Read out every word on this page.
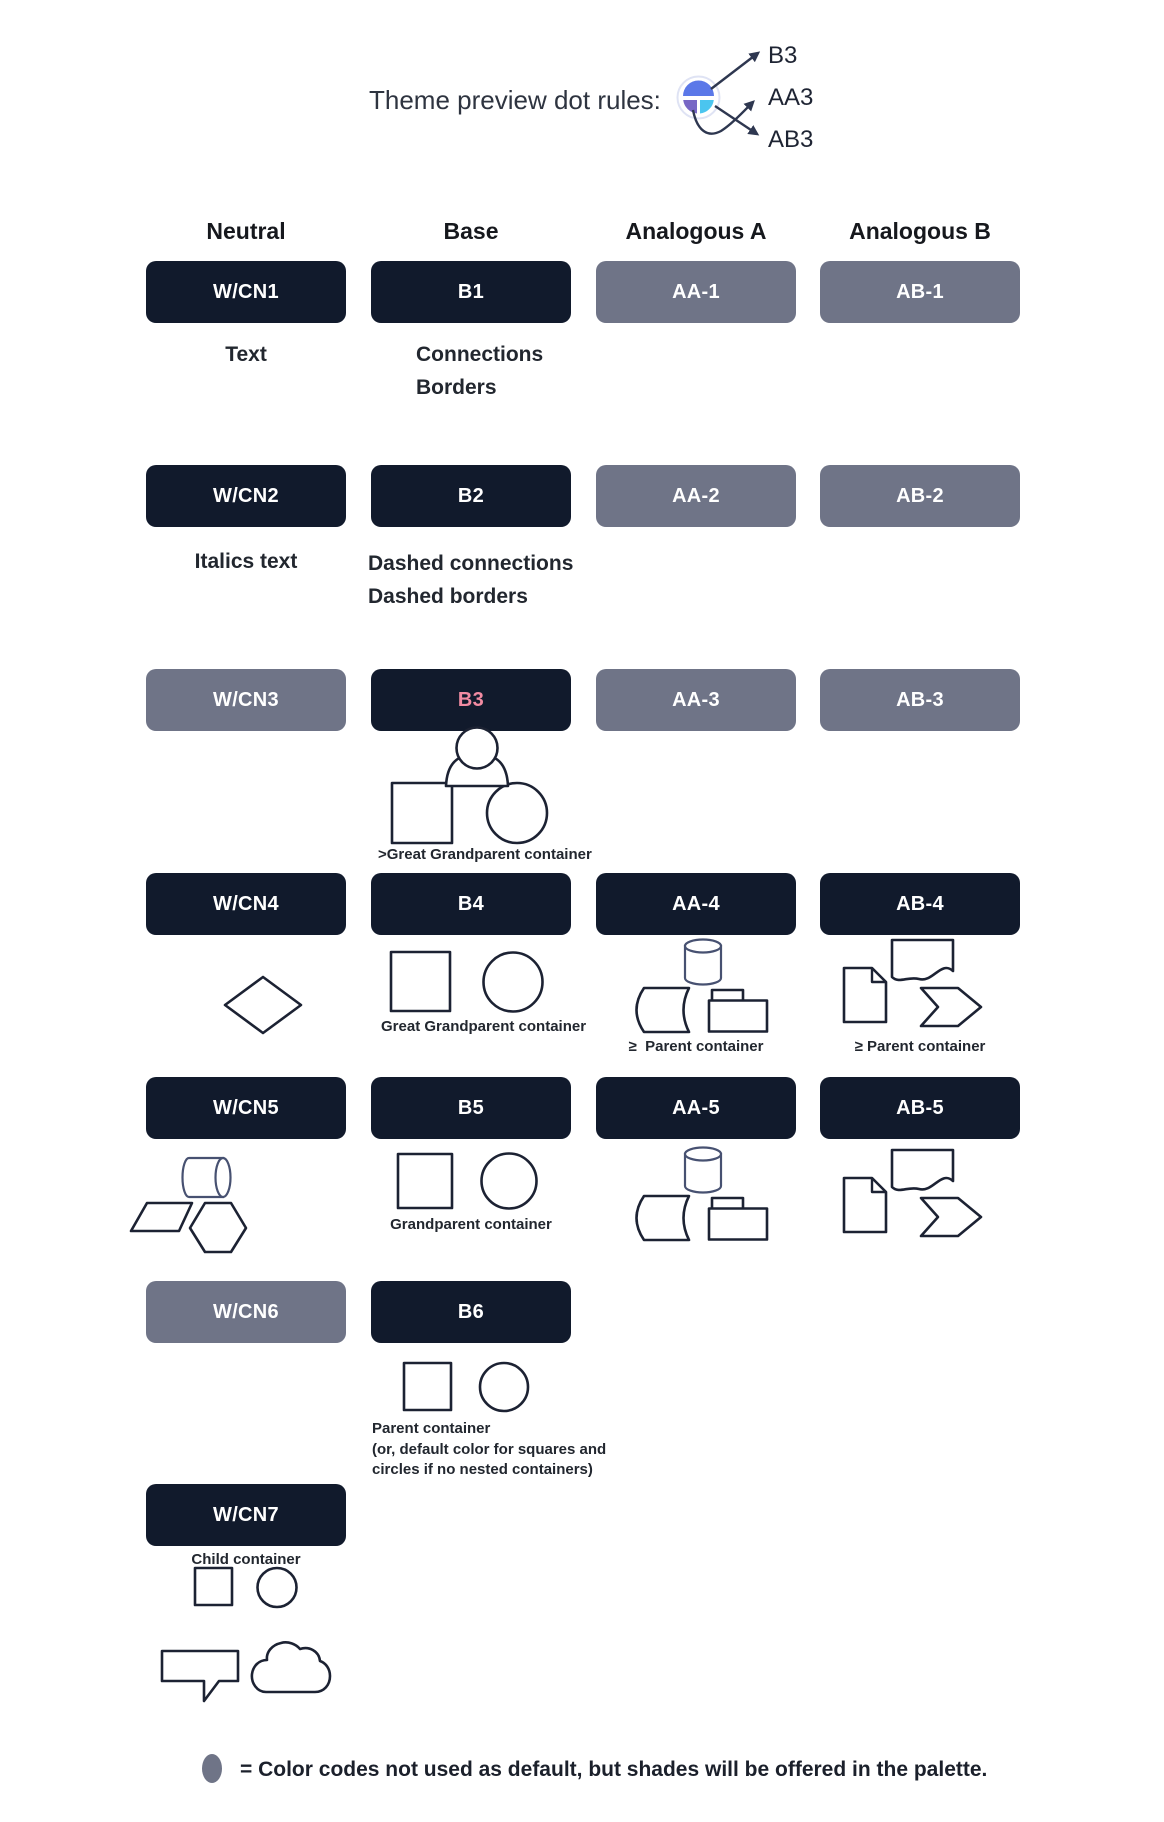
Theme preview dot rules:
B3
AA3
AB3
Neutral	Base	Analogous A	Analogous B
W/CN1	B1	AA-1	AB-1
W/CN2	B2	AA-2	AB-2
W/CN3	B3	AA-3	AB-3
W/CN4	B4	AA-4	AB-4
W/CN5	B5	AA-5	AB-5
W/CN6	B6
W/CN7
Text	Connections
Borders
Italics text	Dashed connections
Dashed borders
>Great Grandparent container
Great Grandparent container
≥  Parent container	≥ Parent container
Grandparent container
Parent container
(or, default color for squares and
circles if no nested containers)
Child container
= Color codes not used as default, but shades will be offered in the palette.
